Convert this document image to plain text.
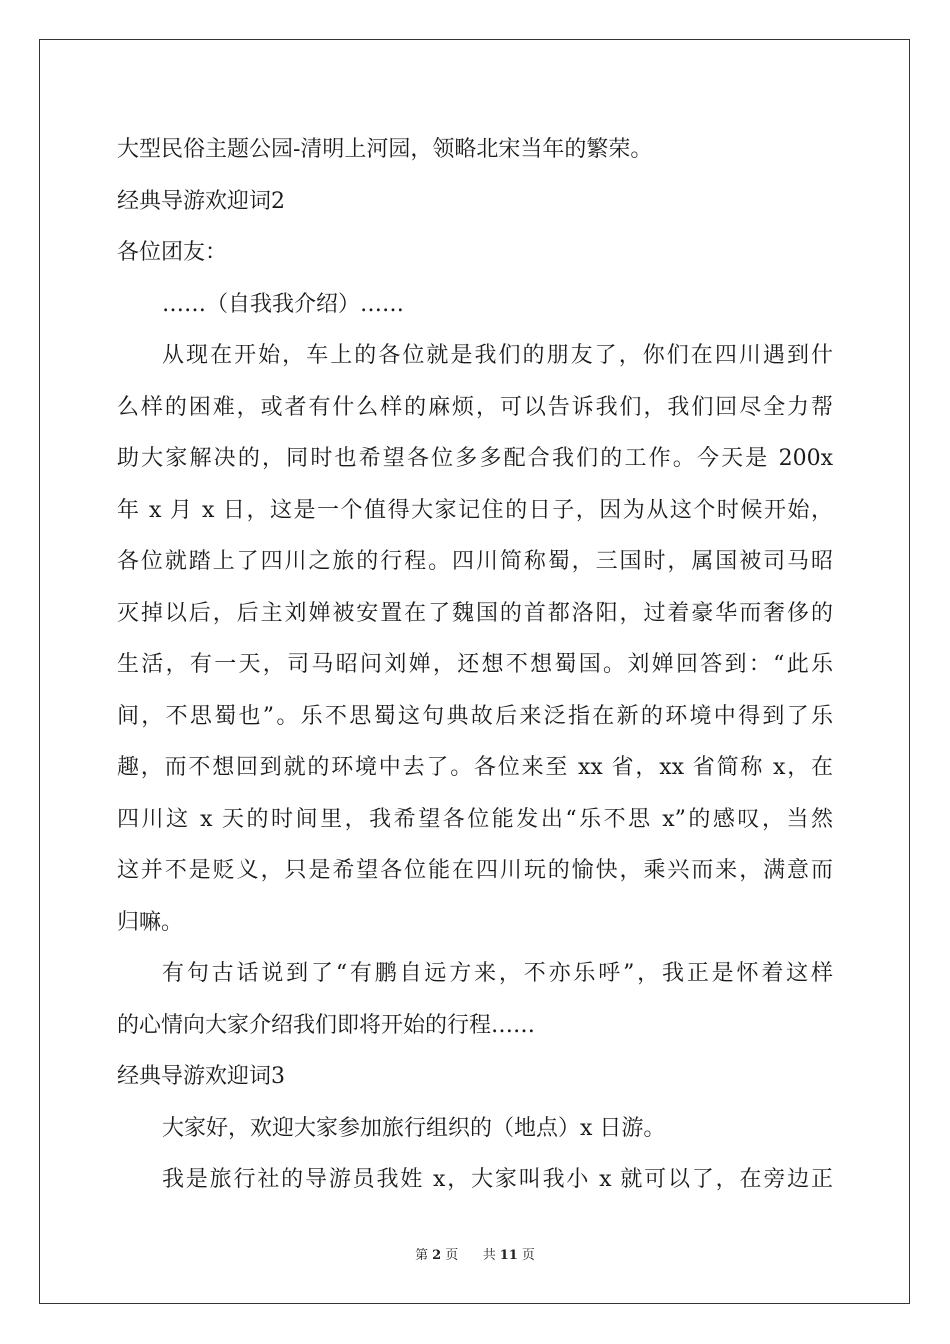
大型民俗主题公园-清明上河园，领略北宋当年的繁荣。
经典导游欢迎词2
各位团友：
……（自我我介绍）……
从现在开始，车上的各位就是我们的朋友了，你们在四川遇到什
么样的困难，或者有什么样的麻烦，可以告诉我们，我们回尽全力帮
助大家解决的，同时也希望各位多多配合我们的工作。今天是 200x
年 x 月 x 日，这是一个值得大家记住的日子，因为从这个时候开始，
各位就踏上了四川之旅的行程。四川简称蜀，三国时，属国被司马昭
灭掉以后，后主刘婵被安置在了魏国的首都洛阳，过着豪华而奢侈的
生活，有一天，司马昭问刘婵，还想不想蜀国。刘婵回答到：“此乐
间，不思蜀也”。乐不思蜀这句典故后来泛指在新的环境中得到了乐
趣，而不想回到就的环境中去了。各位来至 xx 省，xx 省简称 x，在
四川这 x 天的时间里，我希望各位能发出“乐不思 x”的感叹，当然
这并不是贬义，只是希望各位能在四川玩的愉快，乘兴而来，满意而
归嘛。
有句古话说到了“有鹏自远方来，不亦乐呼”，我正是怀着这样
的心情向大家介绍我们即将开始的行程……
经典导游欢迎词3
大家好，欢迎大家参加旅行组织的（地点）x 日游。
我是旅行社的导游员我姓 x，大家叫我小 x 就可以了，在旁边正
第 2 页 共 11 页
